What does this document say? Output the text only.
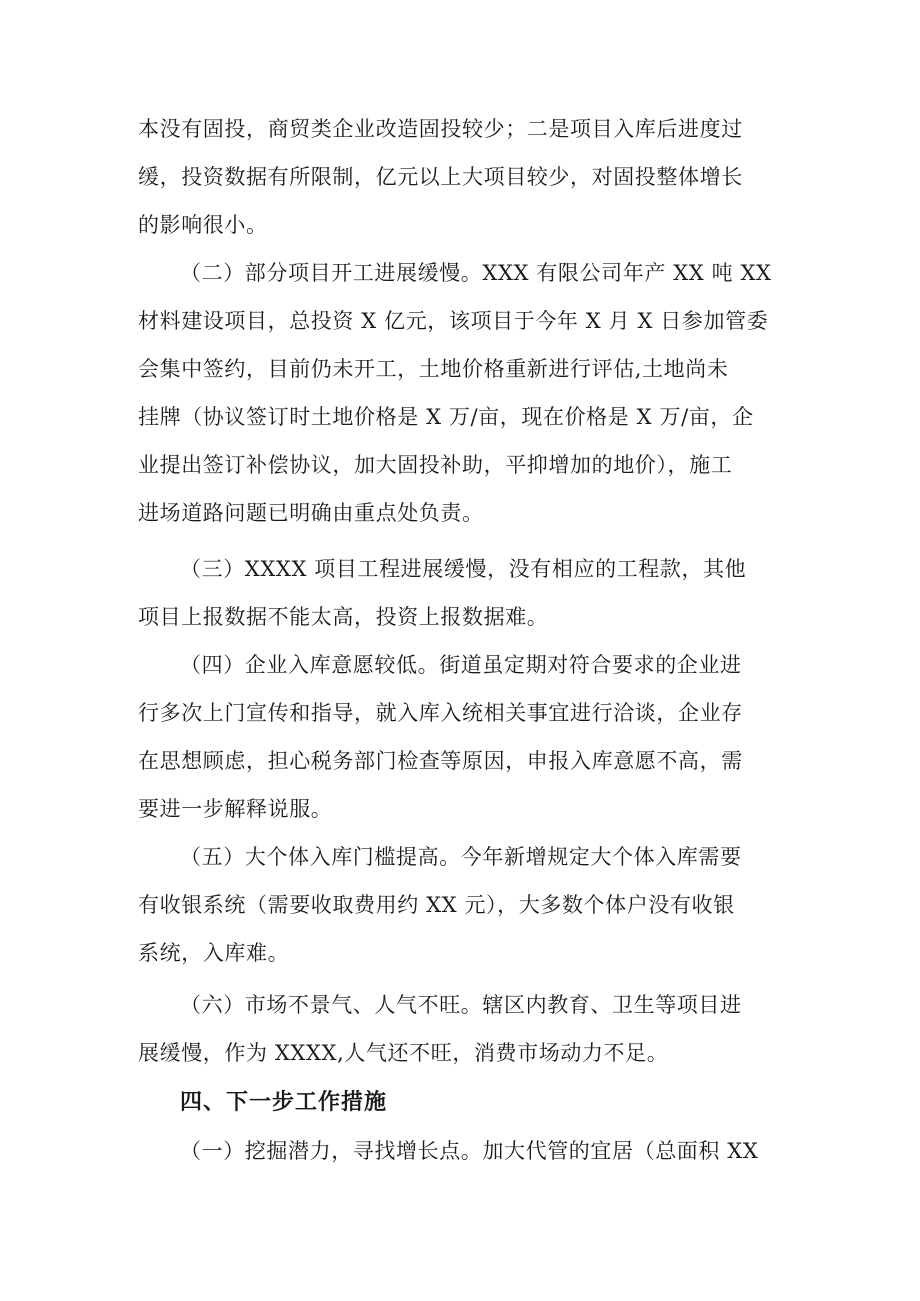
本没有固投，商贸类企业改造固投较少；二是项目入库后进度过
缓，投资数据有所限制，亿元以上大项目较少，对固投整体增长
的影响很小。
（二）部分项目开工进展缓慢。XXX 有限公司年产 XX 吨 XX
材料建设项目，总投资 X 亿元，该项目于今年 X 月 X 日参加管委
会集中签约，目前仍未开工，土地价格重新进行评估,土地尚未
挂牌（协议签订时土地价格是 X 万/亩，现在价格是 X 万/亩，企
业提出签订补偿协议，加大固投补助，平抑增加的地价），施工
进场道路问题已明确由重点处负责。
（三）XXXX 项目工程进展缓慢，没有相应的工程款，其他
项目上报数据不能太高，投资上报数据难。
（四）企业入库意愿较低。街道虽定期对符合要求的企业进
行多次上门宣传和指导，就入库入统相关事宜进行洽谈，企业存
在思想顾虑，担心税务部门检查等原因，申报入库意愿不高，需
要进一步解释说服。
（五）大个体入库门槛提高。今年新增规定大个体入库需要
有收银系统（需要收取费用约 XX 元），大多数个体户没有收银
系统，入库难。
（六）市场不景气、人气不旺。辖区内教育、卫生等项目进
展缓慢，作为 XXXX,人气还不旺，消费市场动力不足。
四、下一步工作措施
（一）挖掘潜力，寻找增长点。加大代管的宜居（总面积 XX
